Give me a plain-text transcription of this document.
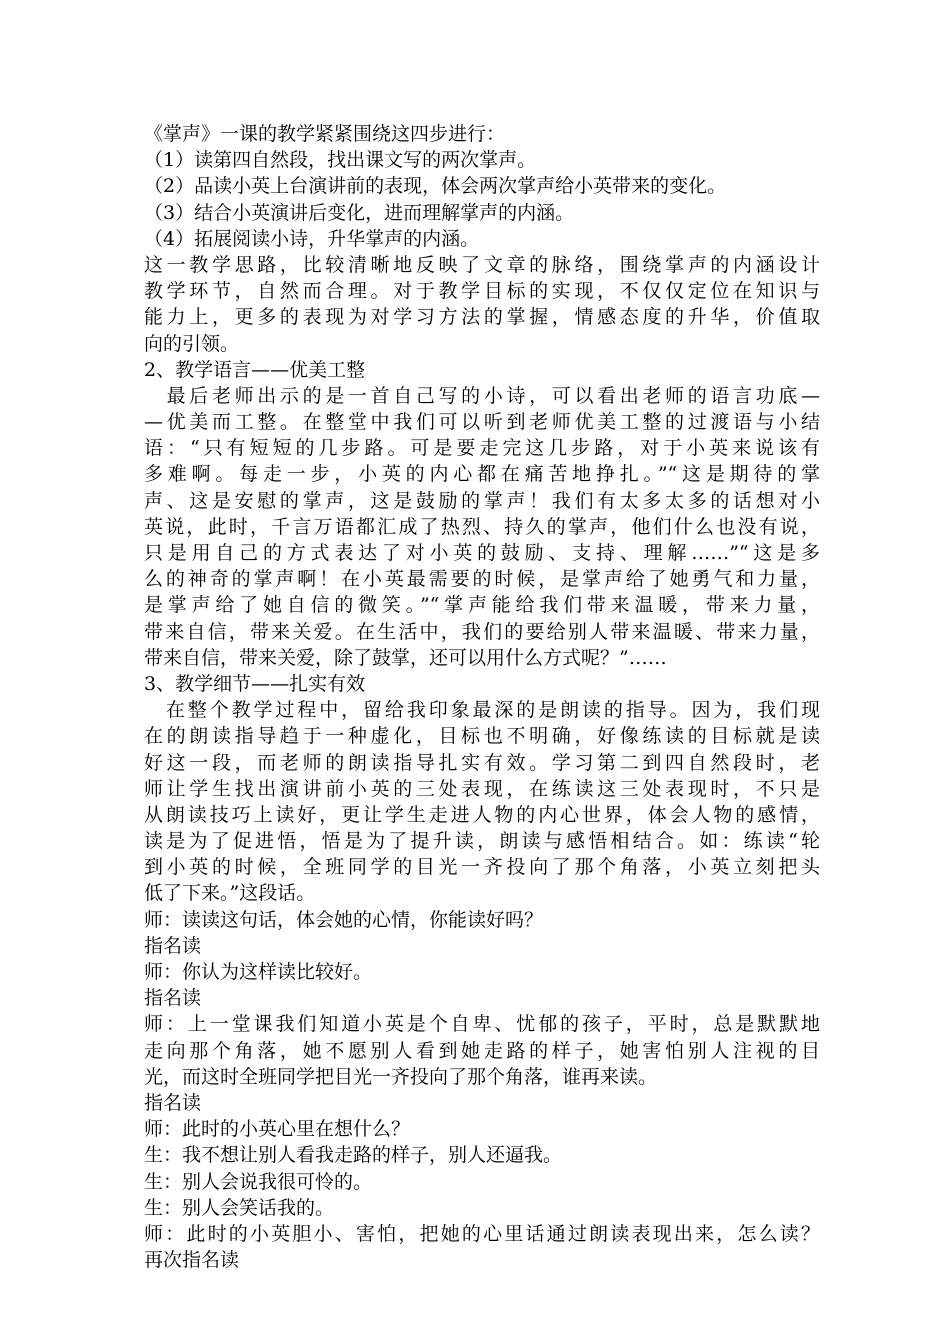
《掌声》一课的教学紧紧围绕这四步进行：
（1）读第四自然段，找出课文写的两次掌声。
（2）品读小英上台演讲前的表现，体会两次掌声给小英带来的变化。
（3）结合小英演讲后变化，进而理解掌声的内涵。
（4）拓展阅读小诗，升华掌声的内涵。
这一教学思路，比较清晰地反映了文章的脉络，围绕掌声的内涵设计
教学环节，自然而合理。对于教学目标的实现，不仅仅定位在知识与
能力上，更多的表现为对学习方法的掌握，情感态度的升华，价值取
向的引领。
2、教学语言——优美工整
　最后老师出示的是一首自己写的小诗，可以看出老师的语言功底—
—优美而工整。在整堂中我们可以听到老师优美工整的过渡语与小结
语：“只有短短的几步路。可是要走完这几步路，对于小英来说该有
多难啊。每走一步，小英的内心都在痛苦地挣扎。”“这是期待的掌
声、这是安慰的掌声，这是鼓励的掌声！我们有太多太多的话想对小
英说，此时，千言万语都汇成了热烈、持久的掌声，他们什么也没有说，
只是用自己的方式表达了对小英的鼓励、支持、理解……”“这是多
么的神奇的掌声啊！在小英最需要的时候，是掌声给了她勇气和力量，
是掌声给了她自信的微笑。”“掌声能给我们带来温暖，带来力量，
带来自信，带来关爱。在生活中，我们的要给别人带来温暖、带来力量，
带来自信，带来关爱，除了鼓掌，还可以用什么方式呢？”……
3、教学细节——扎实有效
　在整个教学过程中，留给我印象最深的是朗读的指导。因为，我们现
在的朗读指导趋于一种虚化，目标也不明确，好像练读的目标就是读
好这一段，而老师的朗读指导扎实有效。学习第二到四自然段时，老
师让学生找出演讲前小英的三处表现，在练读这三处表现时，不只是
从朗读技巧上读好，更让学生走进人物的内心世界，体会人物的感情，
读是为了促进悟，悟是为了提升读，朗读与感悟相结合。如：练读“轮
到小英的时候，全班同学的目光一齐投向了那个角落，小英立刻把头
低了下来。”这段话。
师：读读这句话，体会她的心情，你能读好吗？
指名读
师：你认为这样读比较好。
指名读
师：上一堂课我们知道小英是个自卑、忧郁的孩子，平时，总是默默地
走向那个角落，她不愿别人看到她走路的样子，她害怕别人注视的目
光，而这时全班同学把目光一齐投向了那个角落，谁再来读。
指名读
师：此时的小英心里在想什么？
生：我不想让别人看我走路的样子，别人还逼我。
生：别人会说我很可怜的。
生：别人会笑话我的。
师：此时的小英胆小、害怕，把她的心里话通过朗读表现出来，怎么读？
再次指名读
